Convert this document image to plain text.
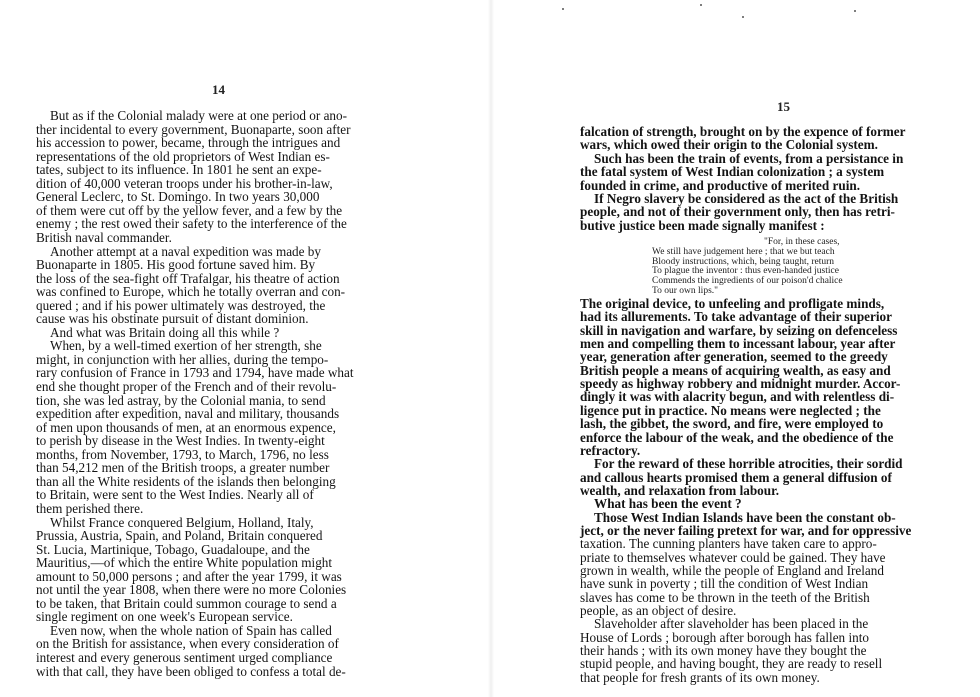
14
But as if the Colonial malady were at one period or ano-
ther incidental to every government, Buonaparte, soon after
his accession to power, became, through the intrigues and
representations of the old proprietors of West Indian es-
tates, subject to its influence. In 1801 he sent an expe-
dition of 40,000 veteran troops under his brother-in-law,
General Leclerc, to St. Domingo. In two years 30,000
of them were cut off by the yellow fever, and a few by the
enemy ; the rest owed their safety to the interference of the
British naval commander.
Another attempt at a naval expedition was made by
Buonaparte in 1805. His good fortune saved him. By
the loss of the sea-fight off Trafalgar, his theatre of action
was confined to Europe, which he totally overran and con-
quered ; and if his power ultimately was destroyed, the
cause was his obstinate pursuit of distant dominion.
And what was Britain doing all this while ?
When, by a well-timed exertion of her strength, she
might, in conjunction with her allies, during the tempo-
rary confusion of France in 1793 and 1794, have made what
end she thought proper of the French and of their revolu-
tion, she was led astray, by the Colonial mania, to send
expedition after expedition, naval and military, thousands
of men upon thousands of men, at an enormous expence,
to perish by disease in the West Indies. In twenty-eight
months, from November, 1793, to March, 1796, no less
than 54,212 men of the British troops, a greater number
than all the White residents of the islands then belonging
to Britain, were sent to the West Indies. Nearly all of
them perished there.
Whilst France conquered Belgium, Holland, Italy,
Prussia, Austria, Spain, and Poland, Britain conquered
St. Lucia, Martinique, Tobago, Guadaloupe, and the
Mauritius,—of which the entire White population might
amount to 50,000 persons ; and after the year 1799, it was
not until the year 1808, when there were no more Colonies
to be taken, that Britain could summon courage to send a
single regiment on one week's European service.
Even now, when the whole nation of Spain has called
on the British for assistance, when every consideration of
interest and every generous sentiment urged compliance
with that call, they have been obliged to confess a total de-
15
falcation of strength, brought on by the expence of former
wars, which owed their origin to the Colonial system.
Such has been the train of events, from a persistance in
the fatal system of West Indian colonization ; a system
founded in crime, and productive of merited ruin.
If Negro slavery be considered as the act of the British
people, and not of their government only, then has retri-
butive justice been made signally manifest :
"For, in these cases,
We still have judgement here ; that we but teach
Bloody instructions, which, being taught, return
To plague the inventor : thus even-handed justice
Commends the ingredients of our poison'd chalice
To our own lips."
The original device, to unfeeling and profligate minds,
had its allurements. To take advantage of their superior
skill in navigation and warfare, by seizing on defenceless
men and compelling them to incessant labour, year after
year, generation after generation, seemed to the greedy
British people a means of acquiring wealth, as easy and
speedy as highway robbery and midnight murder. Accor-
dingly it was with alacrity begun, and with relentless di-
ligence put in practice. No means were neglected ; the
lash, the gibbet, the sword, and fire, were employed to
enforce the labour of the weak, and the obedience of the
refractory.
For the reward of these horrible atrocities, their sordid
and callous hearts promised them a general diffusion of
wealth, and relaxation from labour.
What has been the event ?
Those West Indian Islands have been the constant ob-
ject, or the never failing pretext for war, and for oppressive
taxation. The cunning planters have taken care to appro-
priate to themselves whatever could be gained. They have
grown in wealth, while the people of England and Ireland
have sunk in poverty ; till the condition of West Indian
slaves has come to be thrown in the teeth of the British
people, as an object of desire.
Slaveholder after slaveholder has been placed in the
House of Lords ; borough after borough has fallen into
their hands ; with its own money have they bought the
stupid people, and having bought, they are ready to resell
that people for fresh grants of its own money.
